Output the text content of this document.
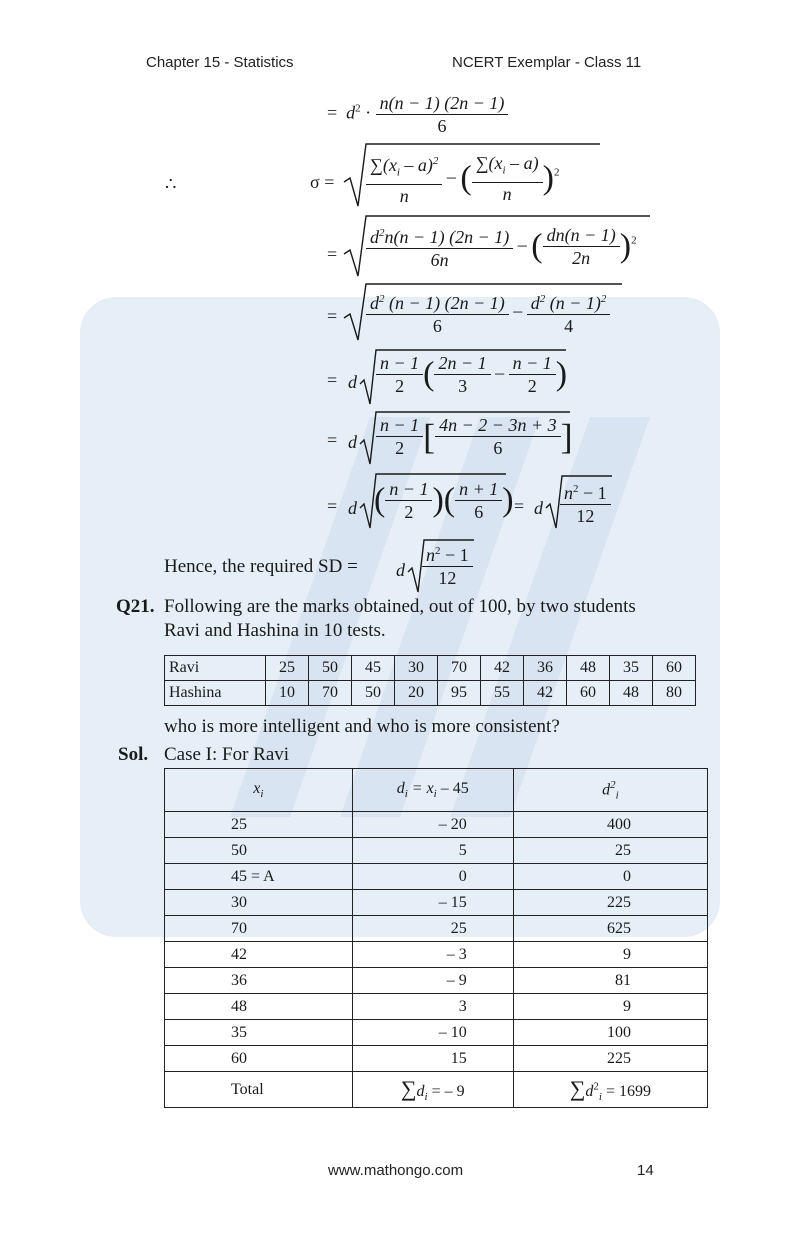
Chapter 15 - Statistics	NCERT Exemplar - Class 11
=  $d^2 \cdot \frac{n(n - 1) (2n - 1)}{6}$
∴	$\sigma = \frac{\sum(x_i - a)^2}{n}$ – ( $\frac{\sum(x_i - a)}{n} )^2$
= $\frac{d^2n(n - 1) (2n - 1)}{6n}$ – ( $\frac{dn(n - 1)}{2n} )^2$
= $\frac{d^2 (n - 1) (2n - 1)}{6} - \frac{d^2 (n - 1)^2}{4}$
= d $\frac{n - 1}{2}$ ( $\frac{2n - 1}{3} - \frac{n - 1}{2}$ )
= d $\frac{n - 1}{2}$ [ $\frac{4n - 2 - 3n + 3}{6}$ ]
= d ( $\frac{n - 1}{2}$ )( $\frac{n + 1}{6}$ ) = d $\frac{n^2 - 1}{12}$
Hence, the required SD = d $\frac{n^2 - 1}{12}$
Q21. Following are the marks obtained, out of 100, by two students
Ravi and Hashina in 10 tests.
Ravi	25	50	45	30	70	42	36	48	35	60
Hashina	10	70	50	20	95	55	42	60	48	80
who is more intelligent and who is more consistent?
Sol. Case I: For Ravi
$x_i$	$d_i = x_i - 45$	$d^2_i$
25	– 20	400
50	5	25
45 = A	0	0
30	– 15	225
70	25	625
42	– 3	9
36	– 9	81
48	3	9
35	– 10	100
60	15	225
Total	$\sum d_i$ = – 9	$\sum d^2_i = 1699$
www.mathongo.com	14
